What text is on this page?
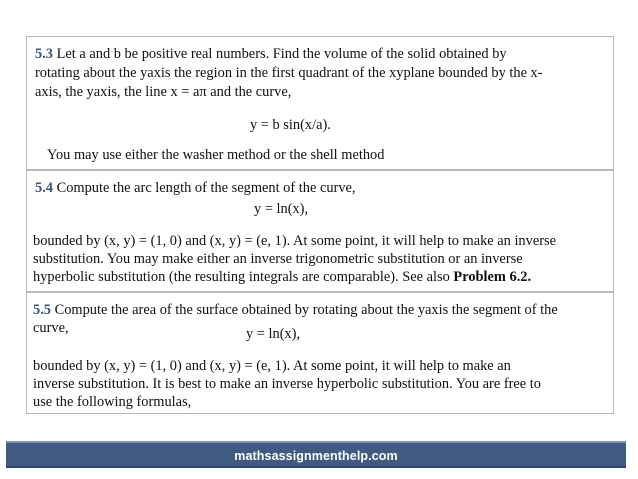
5.3 Let a and b be positive real numbers. Find the volume of the solid obtained by
rotating about the yaxis the region in the first quadrant of the xyplane bounded by the x-
axis, the yaxis, the line x = aπ and the curve,
y = b sin(x/a).
You may use either the washer method or the shell method
5.4 Compute the arc length of the segment of the curve,
y = ln(x),
bounded by (x, y) = (1, 0) and (x, y) = (e, 1). At some point, it will help to make an inverse
substitution. You may make either an inverse trigonometric substitution or an inverse
hyperbolic substitution (the resulting integrals are comparable). See also Problem 6.2.
5.5 Compute the area of the surface obtained by rotating about the yaxis the segment of the
curve,	y = ln(x),
bounded by (x, y) = (1, 0) and (x, y) = (e, 1). At some point, it will help to make an
inverse substitution. It is best to make an inverse hyperbolic substitution. You are free to
use the following formulas,
mathsassignmenthelp.com
